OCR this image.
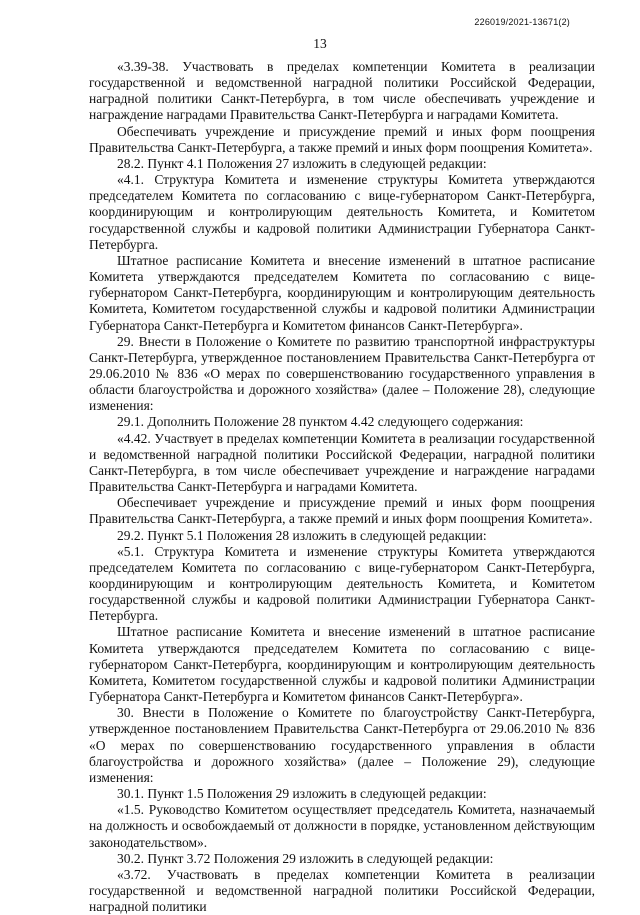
226019/2021-13671(2)
13

«3.39-38. Участвовать в пределах компетенции Комитета в реализации государственной и ведомственной наградной политики Российской Федерации, наградной политики Санкт-Петербурга, в том числе обеспечивать учреждение и награждение наградами Правительства Санкт-Петербурга и наградами Комитета.

Обеспечивать учреждение и присуждение премий и иных форм поощрения Правительства Санкт-Петербурга, а также премий и иных форм поощрения Комитета».

28.2. Пункт 4.1 Положения 27 изложить в следующей редакции:

«4.1. Структура Комитета и изменение структуры Комитета утверждаются председателем Комитета по согласованию с вице-губернатором Санкт-Петербурга, координирующим и контролирующим деятельность Комитета, и Комитетом государственной службы и кадровой политики Администрации Губернатора Санкт-Петербурга.

Штатное расписание Комитета и внесение изменений в штатное расписание Комитета утверждаются председателем Комитета по согласованию с вице-губернатором Санкт-Петербурга, координирующим и контролирующим деятельность Комитета, Комитетом государственной службы и кадровой политики Администрации Губернатора Санкт-Петербурга и Комитетом финансов Санкт-Петербурга».

29. Внести в Положение о Комитете по развитию транспортной инфраструктуры Санкт-Петербурга, утвержденное постановлением Правительства Санкт-Петербурга от 29.06.2010 № 836 «О мерах по совершенствованию государственного управления в области благоустройства и дорожного хозяйства» (далее – Положение 28), следующие изменения:

29.1. Дополнить Положение 28 пунктом 4.42 следующего содержания:

«4.42. Участвует в пределах компетенции Комитета в реализации государственной и ведомственной наградной политики Российской Федерации, наградной политики Санкт-Петербурга, в том числе обеспечивает учреждение и награждение наградами Правительства Санкт-Петербурга и наградами Комитета.

Обеспечивает учреждение и присуждение премий и иных форм поощрения Правительства Санкт-Петербурга, а также премий и иных форм поощрения Комитета».

29.2. Пункт 5.1 Положения 28 изложить в следующей редакции:

«5.1. Структура Комитета и изменение структуры Комитета утверждаются председателем Комитета по согласованию с вице-губернатором Санкт-Петербурга, координирующим и контролирующим деятельность Комитета, и Комитетом государственной службы и кадровой политики Администрации Губернатора Санкт-Петербурга.

Штатное расписание Комитета и внесение изменений в штатное расписание Комитета утверждаются председателем Комитета по согласованию с вице-губернатором Санкт-Петербурга, координирующим и контролирующим деятельность Комитета, Комитетом государственной службы и кадровой политики Администрации Губернатора Санкт-Петербурга и Комитетом финансов Санкт-Петербурга».

30. Внести в Положение о Комитете по благоустройству Санкт-Петербурга, утвержденное постановлением Правительства Санкт-Петербурга от 29.06.2010 № 836 «О мерах по совершенствованию государственного управления в области благоустройства и дорожного хозяйства» (далее – Положение 29), следующие изменения:

30.1. Пункт 1.5 Положения 29 изложить в следующей редакции:

«1.5. Руководство Комитетом осуществляет председатель Комитета, назначаемый на должность и освобождаемый от должности в порядке, установленном действующим законодательством».

30.2. Пункт 3.72 Положения 29 изложить в следующей редакции:

«3.72. Участвовать в пределах компетенции Комитета в реализации государственной и ведомственной наградной политики Российской Федерации, наградной политики
